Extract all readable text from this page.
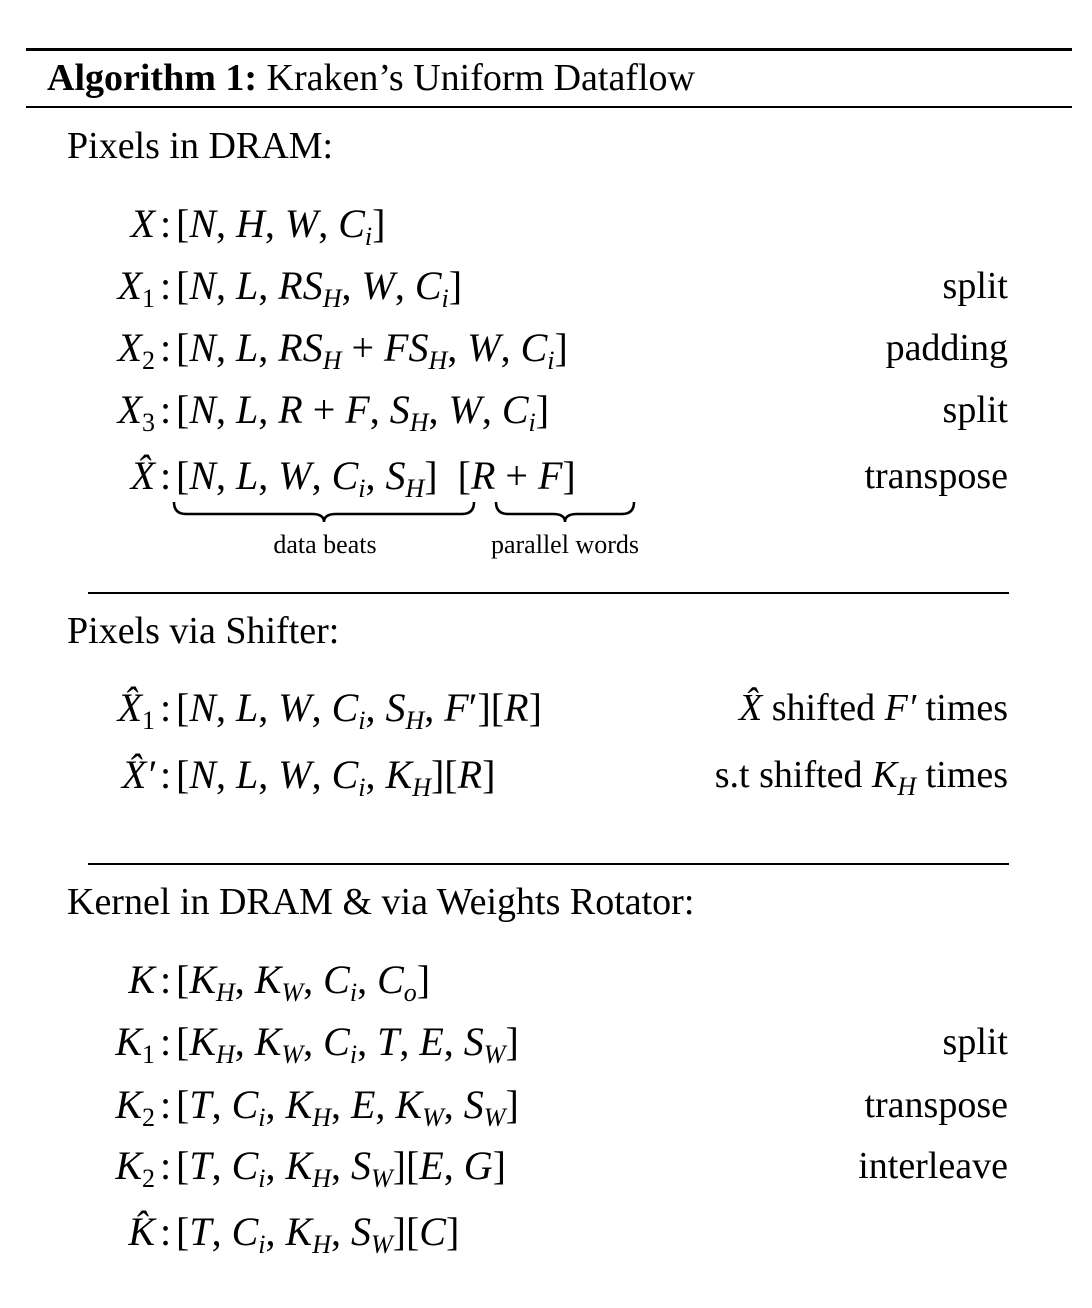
Algorithm 1: Kraken’s Uniform Dataflow
Pixels in DRAM:
X : [N, H, W, $C_i$]
$X_1$ : [N, L, $RS_H$, W, $C_i$]	split
$X_2$ : [N, L, $RS_H + FS_H$, W, $C_i$]	padding
$X_3$ : [N, L, R + F, $S_H$, W, $C_i$]	split
X̂ : [N, L, W, $C_i$, $S_H$]  [R + F]	transpose
data beats	parallel words
Pixels via Shifter:
$X̂_1$ : [N, L, W, $C_i$, $S_H$, F′][R]	X̂ shifted F′ times
X̂′ : [N, L, W, $C_i$, $K_H][R]$	s.t shifted $K_H$ times
Kernel in DRAM & via Weights Rotator:
K : [$K_H$, $K_W$, $C_i$, $C_o$]
$K_1$ : [$K_H$, $K_W$, $C_i$, T, E, $S_W$]	split
$K_2$ : [T, $C_i$, $K_H$, E, $K_W$, $S_W$]	transpose
$K_2$ : [T, $C_i$, $K_H$, $S_W][E$, G]	interleave
K̂ : [T, $C_i$, $K_H$, $S_W][C]$
